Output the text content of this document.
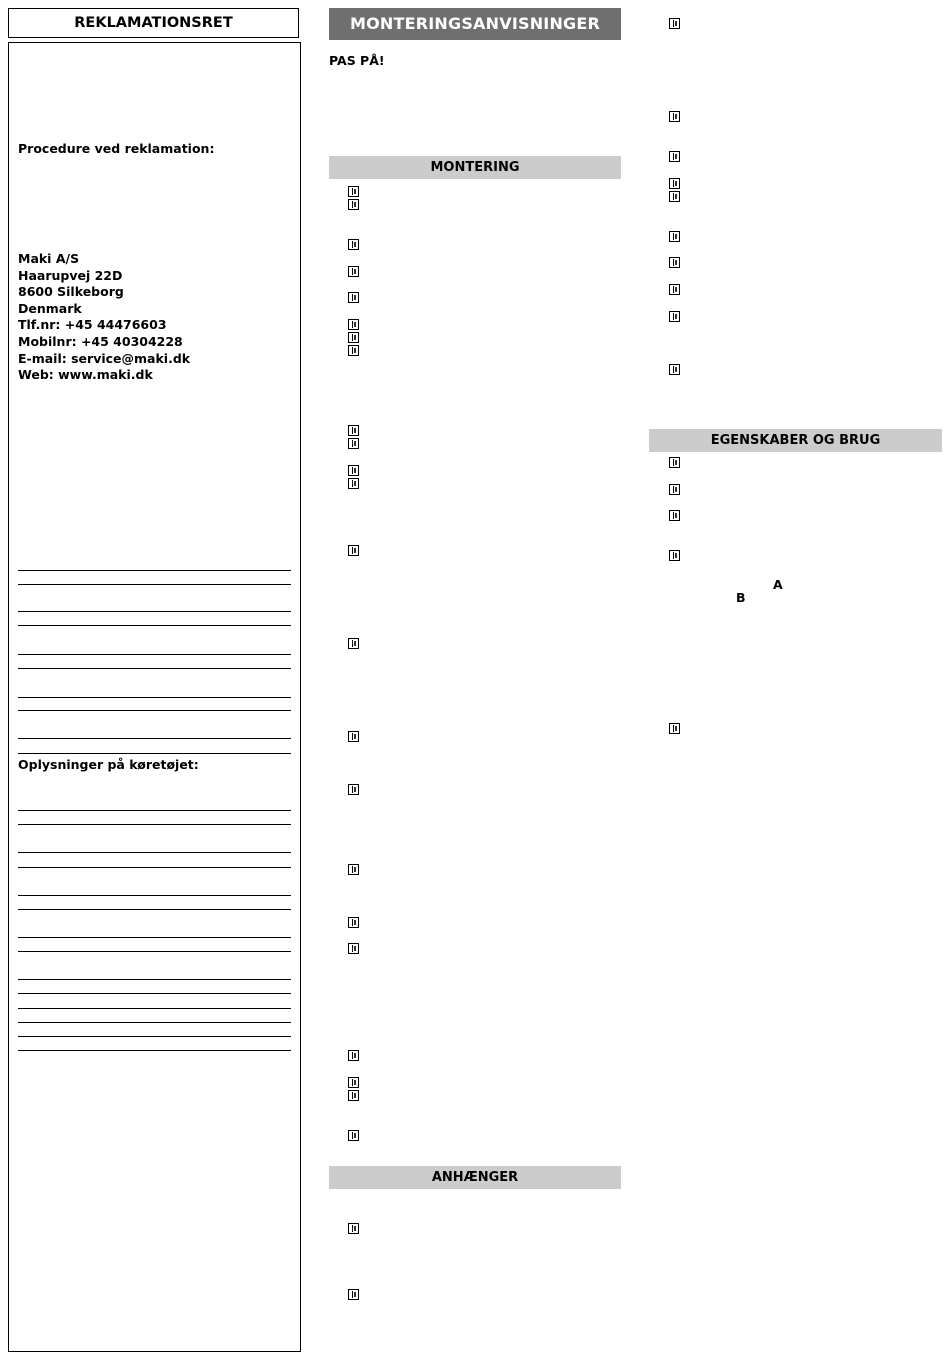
REKLAMATIONSRET
Procedure ved reklamation:
Maki A/S
Haarupvej 22D
8600 Silkeborg
Denmark
Tlf.nr: +45 44476603
Mobilnr: +45 40304228
E-mail: service@maki.dk
Web: www.maki.dk
Oplysninger på køretøjet:
MONTERINGSANVISNINGER
PAS PÅ!
MONTERING
ANHÆNGER
EGENSKABER OG BRUG
A
B
